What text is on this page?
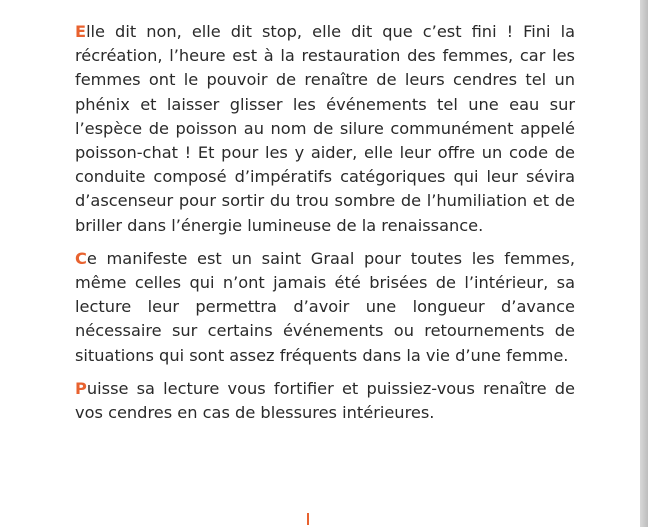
Elle dit non, elle dit stop, elle dit que c’est fini ! Fini la récréation, l’heure est à la restauration des femmes, car les femmes ont le pouvoir de renaître de leurs cendres tel un phénix et laisser glisser les événements tel une eau sur l’espèce de poisson au nom de silure communément appelé poisson-chat ! Et pour les y aider, elle leur offre un code de conduite composé d’impératifs catégoriques qui leur sévira d’ascenseur pour sortir du trou sombre de l’humiliation et de briller dans l’énergie lumineuse de la renaissance.

Ce manifeste est un saint Graal pour toutes les femmes, même celles qui n’ont jamais été brisées de l’intérieur, sa lecture leur permettra d’avoir une longueur d’avance nécessaire sur certains événements ou retournements de situations qui sont assez fréquents dans la vie d’une femme.

Puisse sa lecture vous fortifier et puissiez-vous renaître de vos cendres en cas de blessures intérieures.
